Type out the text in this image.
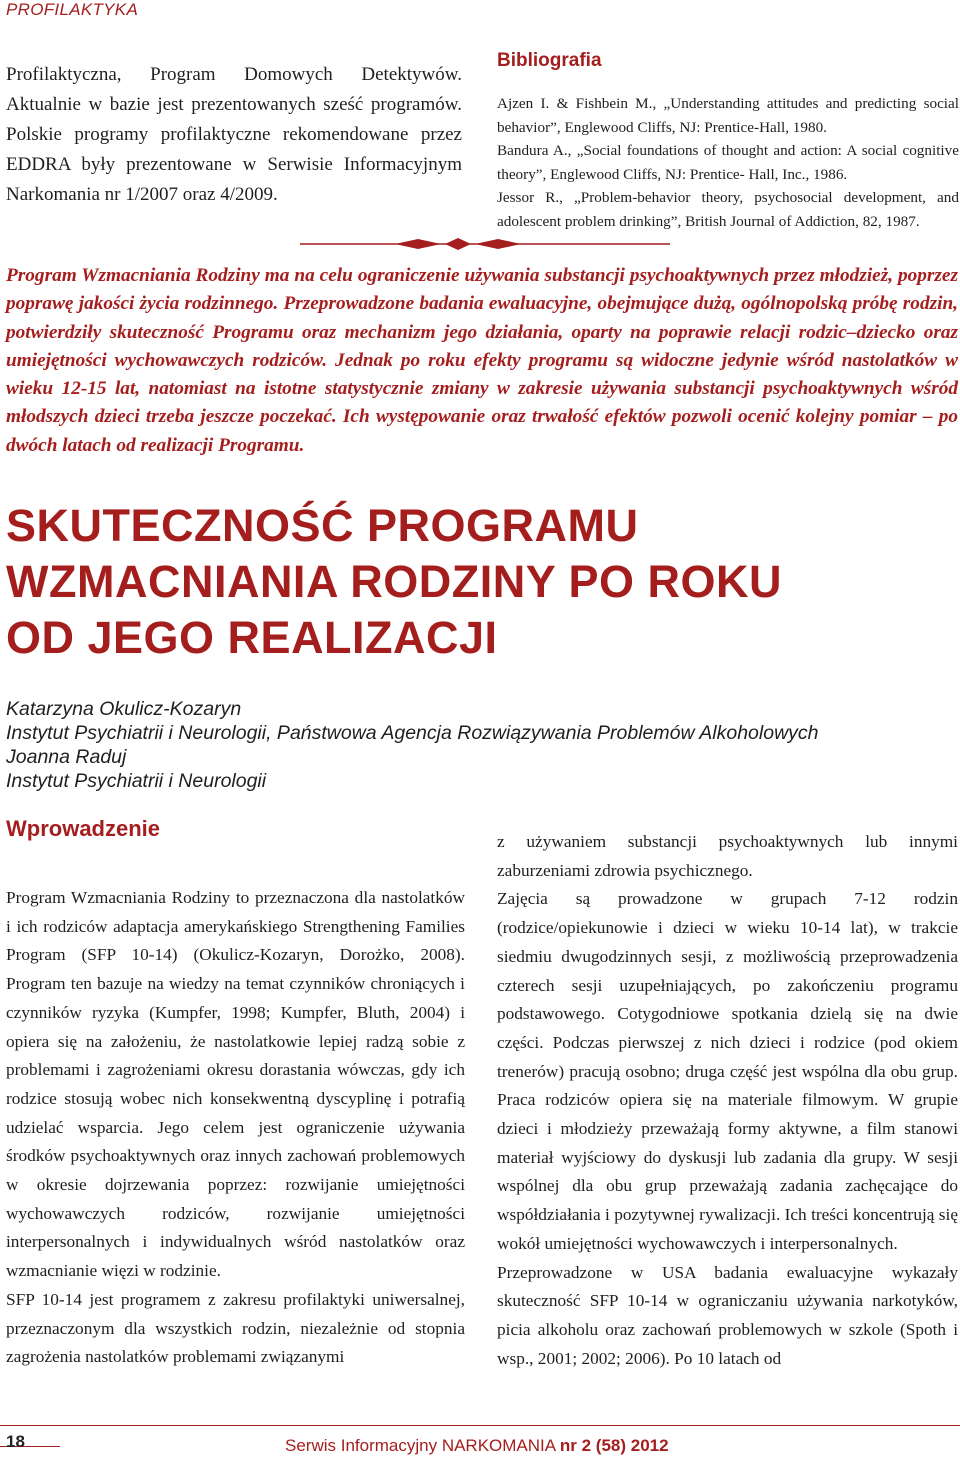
PROFILAKTYKA
Profilaktyczna, Program Domowych Detektywów. Aktualnie w bazie jest prezentowanych sześć programów. Polskie programy profilaktyczne rekomendowane przez EDDRA były prezentowane w Serwisie Informacyjnym Narkomania nr 1/2007 oraz 4/2009.
Bibliografia

Ajzen I. & Fishbein M., „Understanding attitudes and predicting social behavior”, Englewood Cliffs, NJ: Prentice-Hall, 1980.

Bandura A., „Social foundations of thought and action: A social cognitive theory”, Englewood Cliffs, NJ: Prentice- Hall, Inc., 1986.

Jessor R., „Problem-behavior theory, psychosocial development, and adolescent problem drinking”, British Journal of Addiction, 82, 1987.

Program Wzmacniania Rodziny ma na celu ograniczenie używania substancji psychoaktywnych przez młodzież, poprzez poprawę jakości życia rodzinnego. Przeprowadzone badania ewaluacyjne, obejmujące dużą, ogólnopolską próbę rodzin, potwierdziły skuteczność Programu oraz mechanizm jego działania, oparty na poprawie relacji rodzic–dziecko oraz umiejętności wychowawczych rodziców. Jednak po roku efekty programu są widoczne jedynie wśród nastolatków w wieku 12-15 lat, natomiast na istotne statystycznie zmiany w zakresie używania substancji psychoaktywnych wśród młodszych dzieci trzeba jeszcze poczekać. Ich występowanie oraz trwałość efektów pozwoli ocenić kolejny pomiar – po dwóch latach od realizacji Programu.
SKUTECZNOŚĆ PROGRAMU
WZMACNIANIA RODZINY PO ROKU
OD JEGO REALIZACJI
Katarzyna Okulicz-Kozaryn
Instytut Psychiatrii i Neurologii, Państwowa Agencja Rozwiązywania Problemów Alkoholowych
Joanna Raduj
Instytut Psychiatrii i Neurologii
Wprowadzenie

Program Wzmacniania Rodziny to przeznaczona dla nastolatków i ich rodziców adaptacja amerykańskiego Strengthening Families Program (SFP 10-14) (Okulicz-Kozaryn, Dorożko, 2008). Program ten bazuje na wiedzy na temat czynników chroniących i czynników ryzyka (Kumpfer, 1998; Kumpfer, Bluth, 2004) i opiera się na założeniu, że nastolatkowie lepiej radzą sobie z problemami i zagrożeniami okresu dorastania wówczas, gdy ich rodzice stosują wobec nich konsekwentną dyscyplinę i potrafią udzielać wsparcia. Jego celem jest ograniczenie używania środków psychoaktywnych oraz innych zachowań problemowych w okresie dojrzewania poprzez: rozwijanie umiejętności wychowawczych rodziców, rozwijanie umiejętności interpersonalnych i indywidualnych wśród nastolatków oraz wzmacnianie więzi w rodzinie.

SFP 10-14 jest programem z zakresu profilaktyki uniwersalnej, przeznaczonym dla wszystkich rodzin, niezależnie od stopnia zagrożenia nastolatków problemami związanymi

z używaniem substancji psychoaktywnych lub innymi zaburzeniami zdrowia psychicznego.

Zajęcia są prowadzone w grupach 7-12 rodzin (rodzice/opiekunowie i dzieci w wieku 10-14 lat), w trakcie siedmiu dwugodzinnych sesji, z możliwością przeprowadzenia czterech sesji uzupełniających, po zakończeniu programu podstawowego. Cotygodniowe spotkania dzielą się na dwie części. Podczas pierwszej z nich dzieci i rodzice (pod okiem trenerów) pracują osobno; druga część jest wspólna dla obu grup. Praca rodziców opiera się na materiale filmowym. W grupie dzieci i młodzieży przeważają formy aktywne, a film stanowi materiał wyjściowy do dyskusji lub zadania dla grupy. W sesji wspólnej dla obu grup przeważają zadania zachęcające do współdziałania i pozytywnej rywalizacji. Ich treści koncentrują się wokół umiejętności wychowawczych i interpersonalnych.

Przeprowadzone w USA badania ewaluacyjne wykazały skuteczność SFP 10-14 w ograniczaniu używania narkotyków, picia alkoholu oraz zachowań problemowych w szkole (Spoth i wsp., 2001; 2002; 2006). Po 10 latach od

18	Serwis Informacyjny NARKOMANIA nr 2 (58) 2012
